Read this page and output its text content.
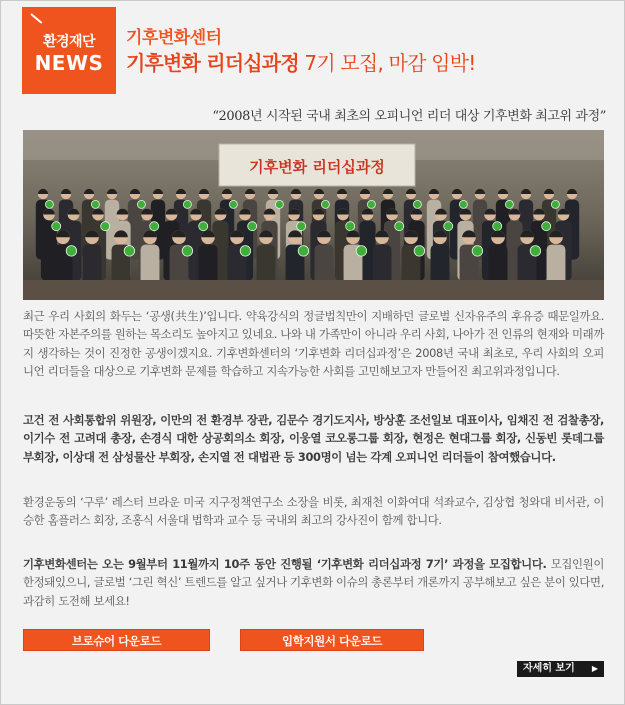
환경재단
NEWS
기후변화센터
기후변화 리더십과정 7기 모집, 마감 임박!
“2008년 시작된 국내 최초의 오피니언 리더 대상 기후변화 최고위 과정”
기후변화 리더십과정

최근 우리 사회의 화두는 ‘공생(共生)’입니다. 약육강식의 정글법칙만이 지배하던 글로벌 신자유주의 후유증 때문일까요. 따뜻한 자본주의를 원하는 목소리도 높아지고 있네요. 나와 내 가족만이 아니라 우리 사회, 나아가 전 인류의 현재와 미래까지 생각하는 것이 진정한 공생이겠지요. 기후변화센터의 ‘기후변화 리더십과정’은 2008년 국내 최초로, 우리 사회의 오피니언 리더들을 대상으로 기후변화 문제를 학습하고 지속가능한 사회를 고민해보고자 만들어진 최고위과정입니다.

고건 전 사회통합위 위원장, 이만의 전 환경부 장관, 김문수 경기도지사, 방상훈 조선일보 대표이사, 임채진 전 검찰총장, 이기수 전 고려대 총장, 손경식 대한 상공회의소 회장, 이웅열 코오롱그룹 회장, 현정은 현대그룹 회장, 신동빈 롯데그룹 부회장, 이상대 전 삼성물산 부회장, 손지열 전 대법관 등 300명이 넘는 각계 오피니언 리더들이 참여했습니다.

환경운동의 ‘구루’ 레스터 브라운 미국 지구정책연구소 소장을 비롯, 최재천 이화여대 석좌교수, 김상협 청와대 비서관, 이승한 홈플러스 회장, 조홍식 서울대 법학과 교수 등 국내외 최고의 강사진이 함께 합니다.

기후변화센터는 오는 9월부터 11월까지 10주 동안 진행될 ‘기후변화 리더십과정 7기’ 과정을 모집합니다. 모집인원이 한정돼있으니, 글로벌 ‘그린 혁신’ 트렌드를 알고 싶거나 기후변화 이슈의 총론부터 개론까지 공부해보고 싶은 분이 있다면, 과감히 도전해 보세요!

브로슈어 다운로드	입학지원서 다운로드
자세히 보기 ▶
